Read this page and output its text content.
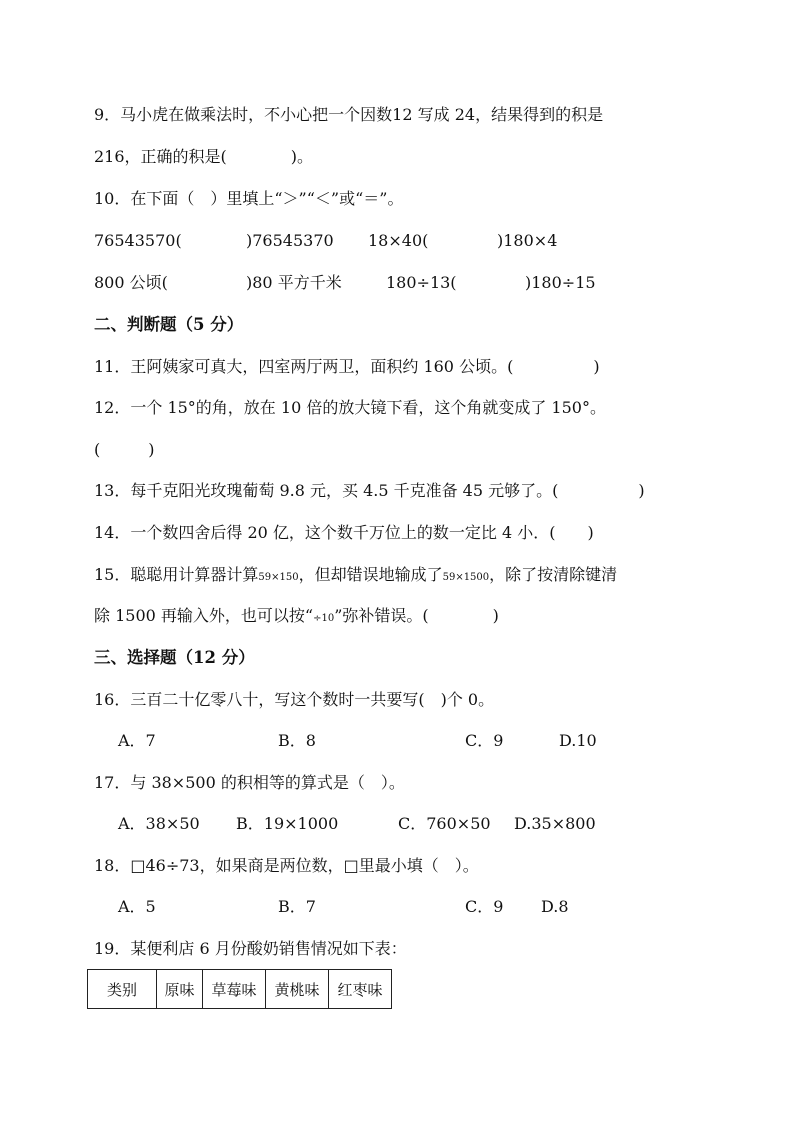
9．马小虎在做乘法时，不小心把一个因数12 写成 24，结果得到的积是
216，正确的积是(　　　　)。
10．在下面（　）里填上“＞”“＜”或“＝”。
76543570(	)76545370 18×40(	)180×4
800 公顷(	)80 平方千米	180÷13(	)180÷15
二、判断题（5 分）
11．王阿姨家可真大，四室两厅两卫，面积约 160 公顷。(　　　　　)
12．一个 15°的角，放在 10 倍的放大镜下看，这个角就变成了 150°。
(　　　)
13．每千克阳光玫瑰葡萄 9.8 元，买 4.5 千克准备 45 元够了。(　　　　　)
14．一个数四舍后得 20 亿，这个数千万位上的数一定比 4 小．(　　)
15．聪聪用计算器计算59×150，但却错误地输成了59×1500，除了按清除键清
除 1500 再输入外，也可以按“÷10”弥补错误。(　　　　)
三、选择题（12 分）
16．三百二十亿零八十，写这个数时一共要写(　)个 0。
A．7	B．8	C．9	D.10
17．与 38×500 的积相等的算式是（　）。
A．38×50 B．19×1000	C．760×50 D.35×800
18．□46÷73，如果商是两位数，□里最小填（　）。
A．5	B．7	C．9 D.8
19．某便利店 6 月份酸奶销售情况如下表：
类别	原味	草莓味	黄桃味	红枣味
